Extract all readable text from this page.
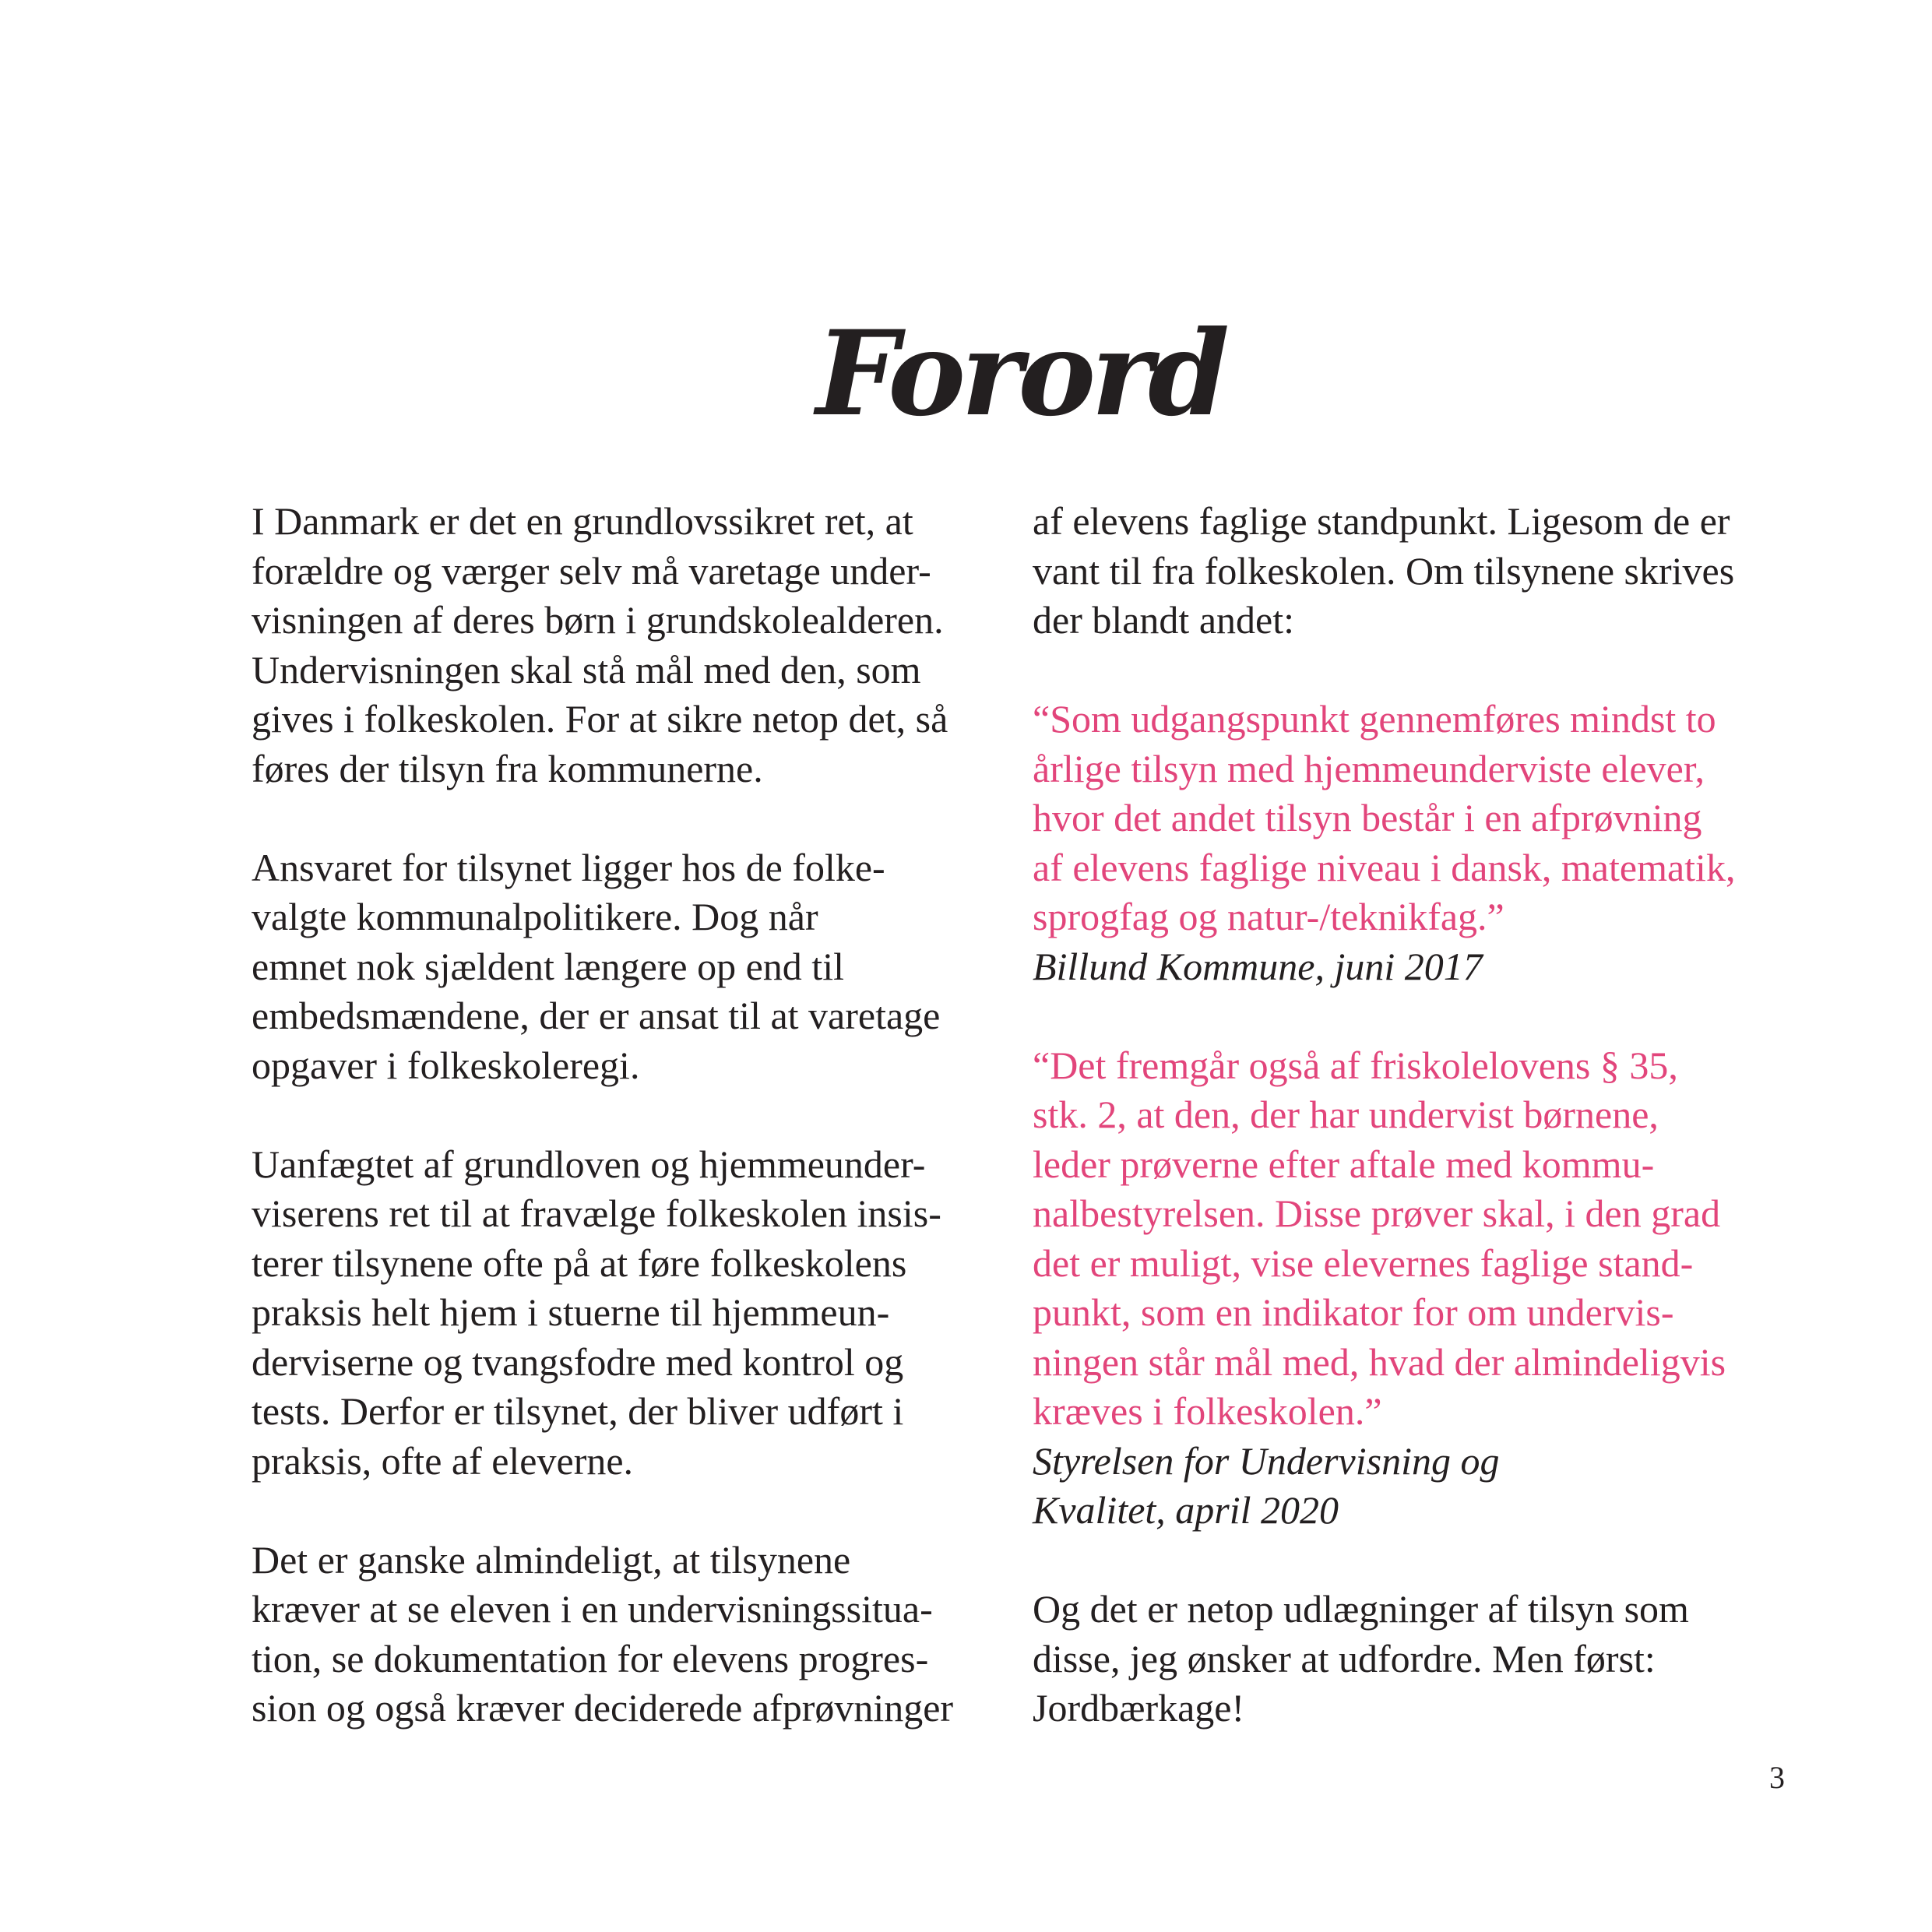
Forord

I Danmark er det en grundlovssikret ret, at
forældre og værger selv må varetage under-
visningen af deres børn i grundskolealderen.
Undervisningen skal stå mål med den, som
gives i folkeskolen. For at sikre netop det, så
føres der tilsyn fra kommunerne.

Ansvaret for tilsynet ligger hos de folke-
valgte kommunalpolitikere. Dog når
emnet nok sjældent længere op end til
embedsmændene, der er ansat til at varetage
opgaver i folkeskoleregi.

Uanfægtet af grundloven og hjemmeunder-
viserens ret til at fravælge folkeskolen insis-
terer tilsynene ofte på at føre folkeskolens
praksis helt hjem i stuerne til hjemmeun-
derviserne og tvangsfodre med kontrol og
tests. Derfor er tilsynet, der bliver udført i
praksis, ofte af eleverne.

Det er ganske almindeligt, at tilsynene
kræver at se eleven i en undervisningssitua-
tion, se dokumentation for elevens progres-
sion og også kræver deciderede afprøvninger

af elevens faglige standpunkt. Ligesom de er
vant til fra folkeskolen. Om tilsynene skrives
der blandt andet:

“Som udgangspunkt gennemføres mindst to
årlige tilsyn med hjemmeunderviste elever,
hvor det andet tilsyn består i en afprøvning
af elevens faglige niveau i dansk, matematik,
sprogfag og natur-/teknikfag.”

Billund Kommune, juni 2017

“Det fremgår også af friskolelovens § 35,
stk. 2, at den, der har undervist børnene,
leder prøverne efter aftale med kommu-
nalbestyrelsen. Disse prøver skal, i den grad
det er muligt, vise elevernes faglige stand-
punkt, som en indikator for om undervis-
ningen står mål med, hvad der almindeligvis
kræves i folkeskolen.”

Styrelsen for Undervisning og
Kvalitet, april 2020

Og det er netop udlægninger af tilsyn som
disse, jeg ønsker at udfordre. Men først:
Jordbærkage!

3
